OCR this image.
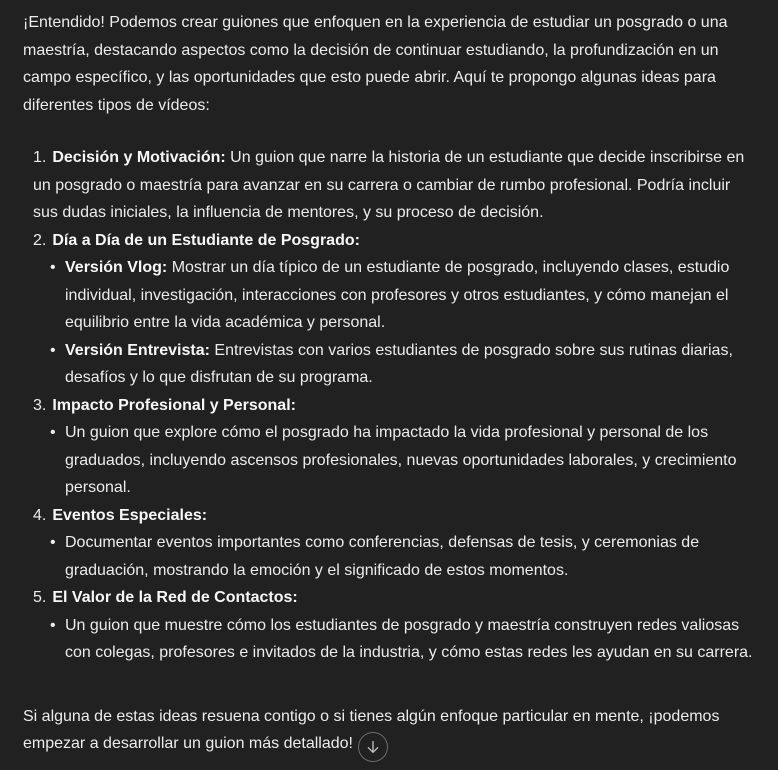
¡Entendido! Podemos crear guiones que enfoquen en la experiencia de estudiar un posgrado o una maestría, destacando aspectos como la decisión de continuar estudiando, la profundización en un campo específico, y las oportunidades que esto puede abrir. Aquí te propongo algunas ideas para diferentes tipos de vídeos:

1. Decisión y Motivación: Un guion que narre la historia de un estudiante que decide inscribirse en un posgrado o maestría para avanzar en su carrera o cambiar de rumbo profesional. Podría incluir sus dudas iniciales, la influencia de mentores, y su proceso de decisión.
2. Día a Día de un Estudiante de Posgrado:
• Versión Vlog: Mostrar un día típico de un estudiante de posgrado, incluyendo clases, estudio individual, investigación, interacciones con profesores y otros estudiantes, y cómo manejan el equilibrio entre la vida académica y personal.
• Versión Entrevista: Entrevistas con varios estudiantes de posgrado sobre sus rutinas diarias, desafíos y lo que disfrutan de su programa.
3. Impacto Profesional y Personal:
• Un guion que explore cómo el posgrado ha impactado la vida profesional y personal de los graduados, incluyendo ascensos profesionales, nuevas oportunidades laborales, y crecimiento personal.
4. Eventos Especiales:
• Documentar eventos importantes como conferencias, defensas de tesis, y ceremonias de graduación, mostrando la emoción y el significado de estos momentos.
5. El Valor de la Red de Contactos:
• Un guion que muestre cómo los estudiantes de posgrado y maestría construyen redes valiosas con colegas, profesores e invitados de la industria, y cómo estas redes les ayudan en su carrera.

Si alguna de estas ideas resuena contigo o si tienes algún enfoque particular en mente, ¡podemos empezar a desarrollar un guion más detallado!
